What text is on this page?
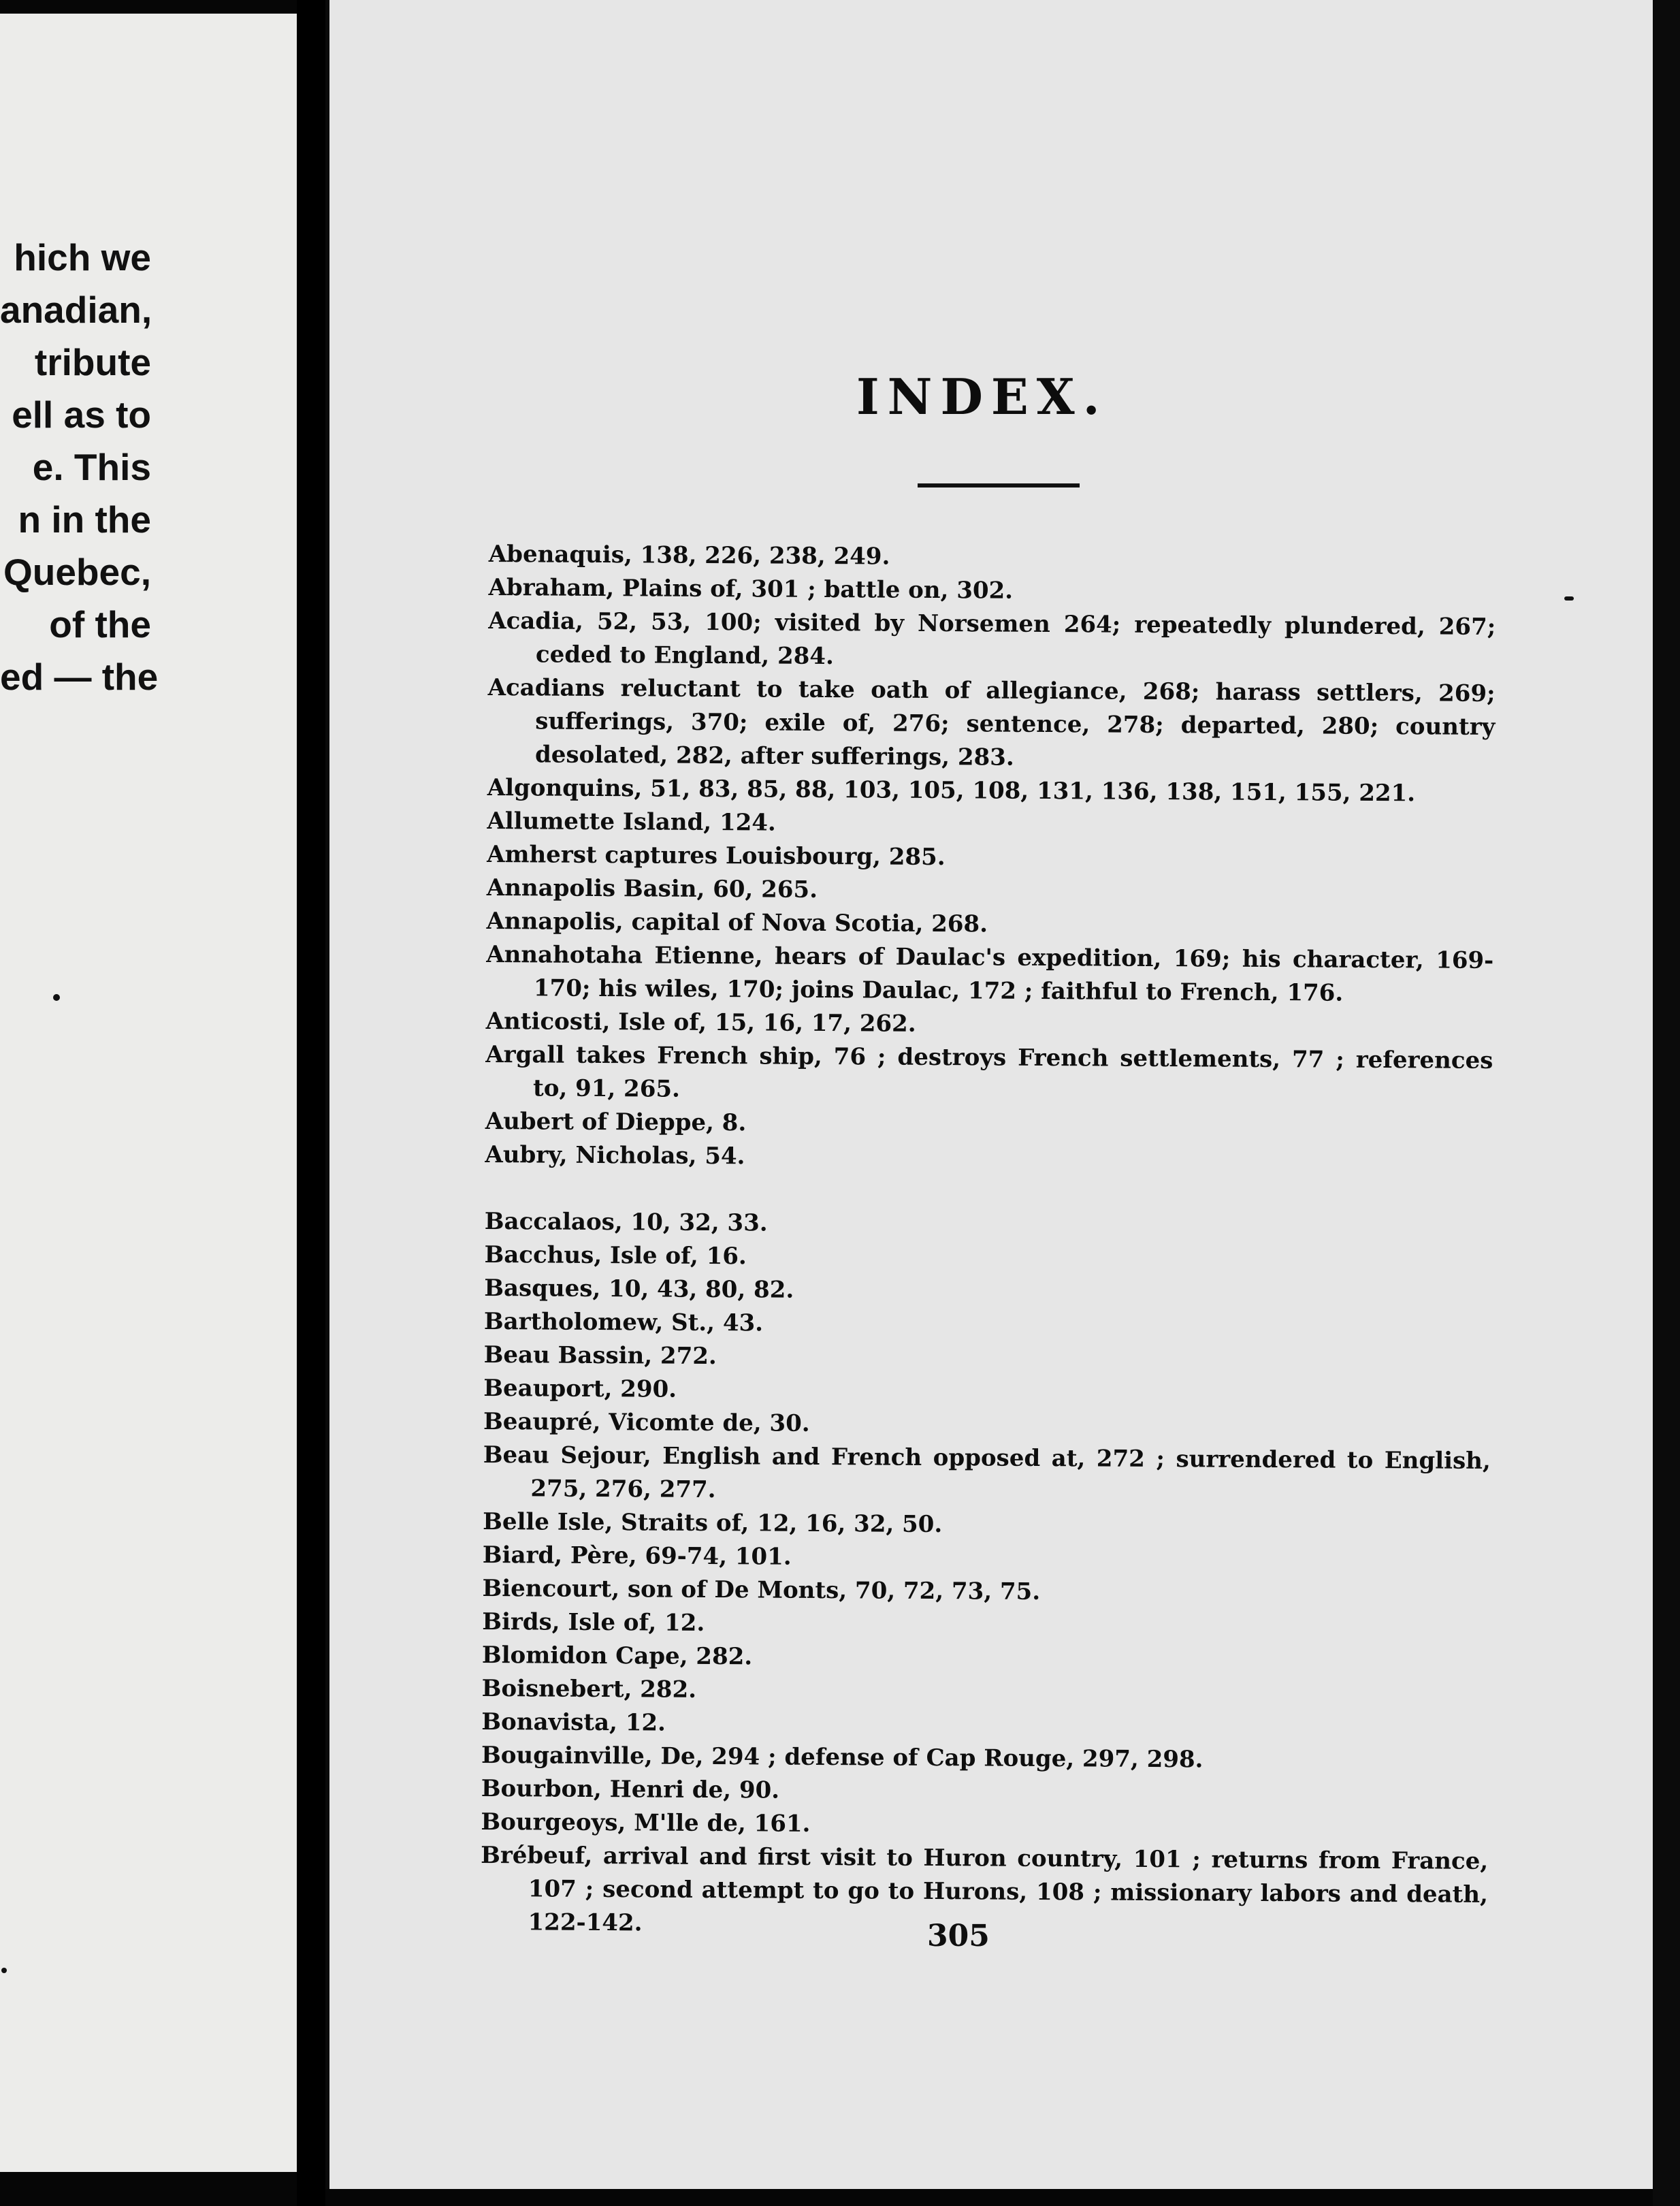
hich we
anadian,
tribute
ell as to
e. This
n in the
Quebec,
of the
ed — the
INDEX.
Abenaquis, 138, 226, 238, 249.
Abraham, Plains of, 301 ; battle on, 302.
Acadia, 52, 53, 100; visited by Norsemen 264; repeatedly plundered, 267; ceded to England, 284.
Acadians reluctant to take oath of allegiance, 268; harass settlers, 269; sufferings, 370; exile of, 276; sentence, 278; departed, 280; country desolated, 282, after sufferings, 283.
Algonquins, 51, 83, 85, 88, 103, 105, 108, 131, 136, 138, 151, 155, 221.
Allumette Island, 124.
Amherst captures Louisbourg, 285.
Annapolis Basin, 60, 265.
Annapolis, capital of Nova Scotia, 268.
Annahotaha Etienne, hears of Daulac's expedition, 169; his character, 169-170; his wiles, 170; joins Daulac, 172 ; faithful to French, 176.
Anticosti, Isle of, 15, 16, 17, 262.
Argall takes French ship, 76 ; destroys French settlements, 77 ; references to, 91, 265.
Aubert of Dieppe, 8.
Aubry, Nicholas, 54.
Baccalaos, 10, 32, 33.
Bacchus, Isle of, 16.
Basques, 10, 43, 80, 82.
Bartholomew, St., 43.
Beau Bassin, 272.
Beauport, 290.
Beaupré, Vicomte de, 30.
Beau Sejour, English and French opposed at, 272 ; surrendered to English, 275, 276, 277.
Belle Isle, Straits of, 12, 16, 32, 50.
Biard, Père, 69-74, 101.
Biencourt, son of De Monts, 70, 72, 73, 75.
Birds, Isle of, 12.
Blomidon Cape, 282.
Boisnebert, 282.
Bonavista, 12.
Bougainville, De, 294 ; defense of Cap Rouge, 297, 298.
Bourbon, Henri de, 90.
Bourgeoys, M'lle de, 161.
Brébeuf, arrival and first visit to Huron country, 101 ; returns from France, 107 ; second attempt to go to Hurons, 108 ; missionary labors and death, 122-142.	305
